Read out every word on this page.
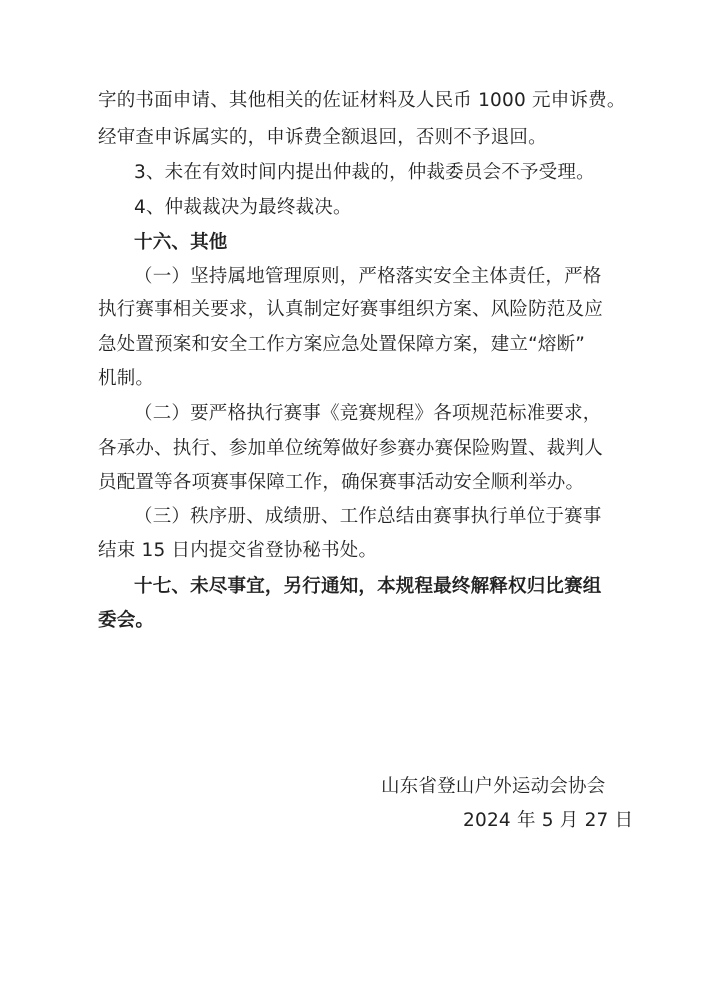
字的书面申请、其他相关的佐证材料及人民币 1000 元申诉费。
经审查申诉属实的，申诉费全额退回，否则不予退回。
3、未在有效时间内提出仲裁的，仲裁委员会不予受理。
4、仲裁裁决为最终裁决。
十六、其他
（一）坚持属地管理原则，严格落实安全主体责任，严格
执行赛事相关要求，认真制定好赛事组织方案、风险防范及应
急处置预案和安全工作方案应急处置保障方案，建立“熔断”
机制。
（二）要严格执行赛事《竞赛规程》各项规范标准要求，
各承办、执行、参加单位统筹做好参赛办赛保险购置、裁判人
员配置等各项赛事保障工作，确保赛事活动安全顺利举办。
（三）秩序册、成绩册、工作总结由赛事执行单位于赛事
结束 15 日内提交省登协秘书处。
十七、未尽事宜，另行通知，本规程最终解释权归比赛组
委会。
山东省登山户外运动会协会
2024 年 5 月 27 日
